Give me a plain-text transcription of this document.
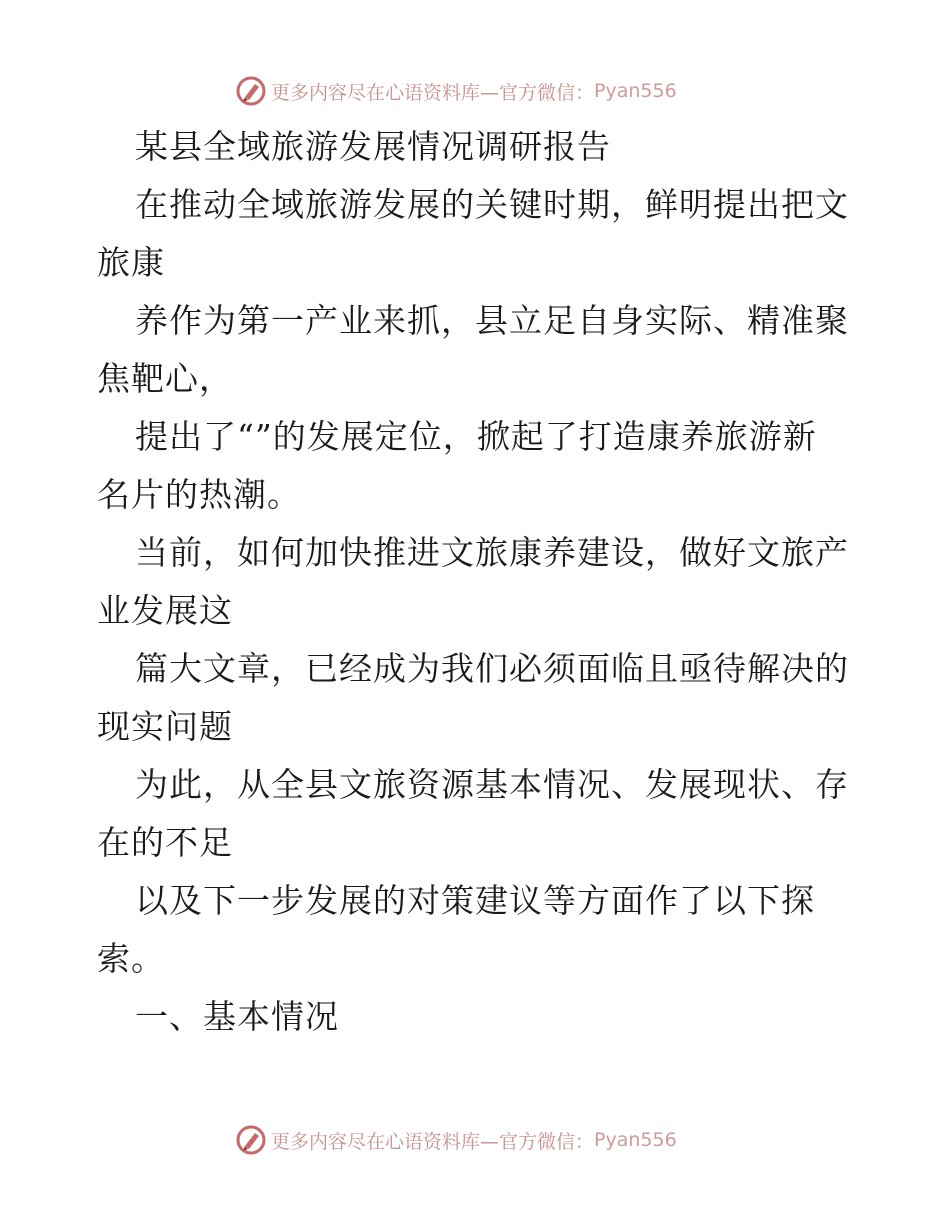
更多内容尽在心语资料库—官方微信： Pyan556
某县全域旅游发展情况调研报告
在推动全域旅游发展的关键时期，鲜明提出把文
旅康
养作为第一产业来抓，县立足自身实际、精准聚
焦靶心，
提出了“”的发展定位，掀起了打造康养旅游新
名片的热潮。
当前，如何加快推进文旅康养建设，做好文旅产
业发展这
篇大文章，已经成为我们必须面临且亟待解决的
现实问题
为此，从全县文旅资源基本情况、发展现状、存
在的不足
以及下一步发展的对策建议等方面作了以下探
索。
一、基本情况
更多内容尽在心语资料库—官方微信： Pyan556
